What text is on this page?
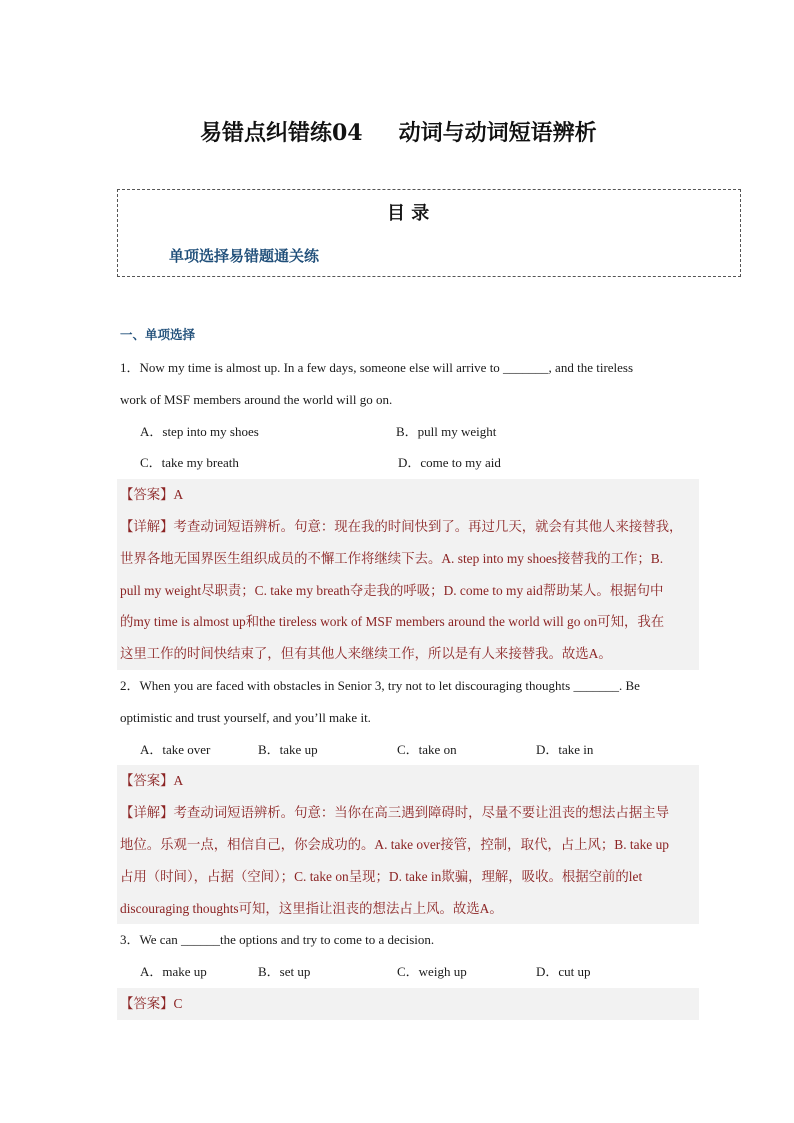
易错点纠错练04 动词与动词短语辨析
目 录
单项选择易错题通关练
一、单项选择
1．Now my time is almost up. In a few days, someone else will arrive to _______, and the tireless
work of MSF members around the world will go on.
A．step into my shoes	B．pull my weight
C．take my breath	D．come to my aid
【答案】A
【详解】考查动词短语辨析。句意：现在我的时间快到了。再过几天，就会有其他人来接替我，
世界各地无国界医生组织成员的不懈工作将继续下去。A. step into my shoes接替我的工作；B.
pull my weight尽职责；C. take my breath夺走我的呼吸；D. come to my aid帮助某人。根据句中
的my time is almost up和the tireless work of MSF members around the world will go on可知，我在
这里工作的时间快结束了，但有其他人来继续工作，所以是有人来接替我。故选A。
2．When you are faced with obstacles in Senior 3, try not to let discouraging thoughts _______. Be
optimistic and trust yourself, and you’ll make it.
A．take over	B．take up	C．take on	D．take in
【答案】A
【详解】考查动词短语辨析。句意：当你在高三遇到障碍时，尽量不要让沮丧的想法占据主导
地位。乐观一点，相信自己，你会成功的。A. take over接管，控制，取代，占上风；B. take up
占用（时间），占据（空间）；C. take on呈现；D. take in欺骗，理解，吸收。根据空前的let
discouraging thoughts可知，这里指让沮丧的想法占上风。故选A。
3．We can ______the options and try to come to a decision.
A．make up	B．set up	C．weigh up	D．cut up
【答案】C
